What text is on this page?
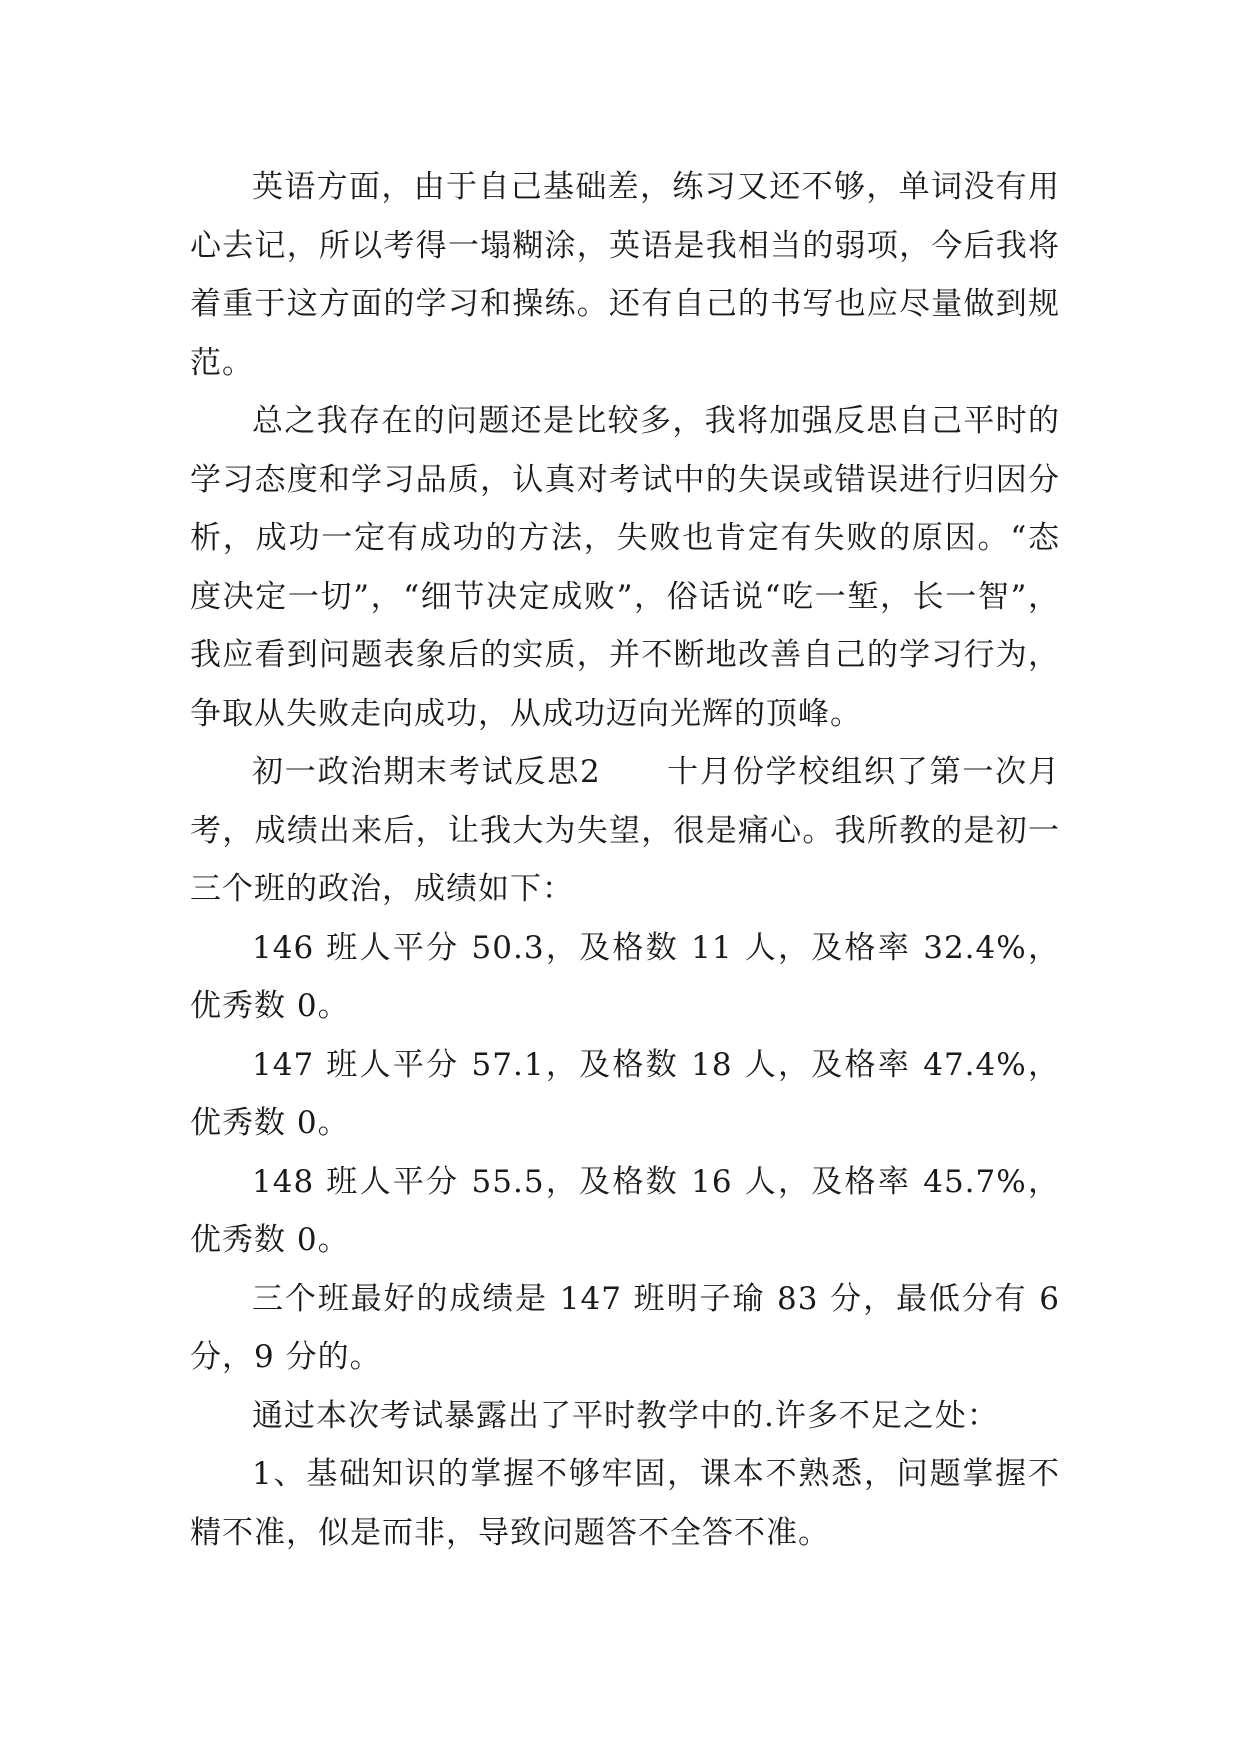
英语方面，由于自己基础差，练习又还不够，单词没有用心去记，所以考得一塌糊涂，英语是我相当的弱项，今后我将着重于这方面的学习和操练。还有自己的书写也应尽量做到规范。

总之我存在的问题还是比较多，我将加强反思自己平时的学习态度和学习品质，认真对考试中的失误或错误进行归因分析，成功一定有成功的方法，失败也肯定有失败的原因。“态度决定一切”，“细节决定成败”，俗话说“吃一堑，长一智”，我应看到问题表象后的实质，并不断地改善自己的学习行为，争取从失败走向成功，从成功迈向光辉的顶峰。

初一政治期末考试反思2　　十月份学校组织了第一次月考，成绩出来后，让我大为失望，很是痛心。我所教的是初一三个班的政治，成绩如下：

146 班人平分 50.3，及格数 11 人，及格率 32.4%，优秀数 0。

147 班人平分 57.1，及格数 18 人，及格率 47.4%，优秀数 0。

148 班人平分 55.5，及格数 16 人，及格率 45.7%，优秀数 0。

三个班最好的成绩是 147 班明子瑜 83 分，最低分有 6 分，9 分的。

通过本次考试暴露出了平时教学中的.许多不足之处：

1、基础知识的掌握不够牢固，课本不熟悉，问题掌握不精不准，似是而非，导致问题答不全答不准。
